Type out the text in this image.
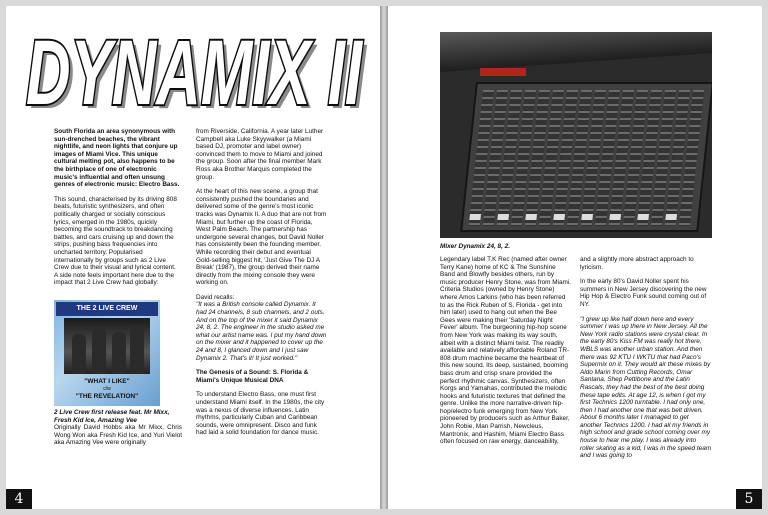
DYNAMIX II
DYNAMIX II

South Florida an area synonymous with sun-drenched beaches, the vibrant nightlife, and neon lights that conjure up images of Miami Vice. This unique cultural melting pot, also happens to be the birthplace of one of electronic music's influential and often unsung genres of electronic music: Electro Bass.

This sound, characterised by its driving 808 beats, futuristic synthesizers, and often politically charged or socially conscious lyrics, emerged in the 1980s, quickly becoming the soundtrack to breakdancing battles, and cars cruising up and down the strips, pushing bass frequencies into uncharted territory. Popularised internationally by groups such as 2 Live Crew due to their visual and lyrical content. A side note feels important here due to the impact that 2 Live Crew had globally:

THE 2 LIVE CREW
"WHAT I LIKE"
c/w
"THE REVELATION"

2 Live Crew first release feat. Mr Mixx, Fresh Kid Ice, Amazing Vee

Originally David Hobbs aka Mr Mixx, Chris Wong Won aka Fresh Kid Ice, and Yuri Vielot aka Amazing Vee were originally

from Riverside, California. A year later Luther Campbell aka Luke Skyywalker (a Miami based DJ, promoter and label owner) convinced them to move to Miami and joined the group. Soon after the final member Mark Ross aka Brother Marquis completed the group.

At the heart of this new scene, a group that consistently pushed the boundaries and delivered some of the genre's most iconic tracks was Dynamix II. A duo that are not from Miami, but further up the coast of Florida, West Palm Beach. The partnership has undergone several changes, but David Noller has consistently been the founding member. While recording their debut and eventual Gold-selling biggest hit, 'Just Give The DJ A Break' (1987), the group derived their name directly from the mixing console they were working on.

David recalls:

"It was a British console called Dynamix. It had 24 channels, 8 sub channels, and 2 outs. And on the top of the mixer it said Dynamix 24, 8, 2. The engineer in the studio asked me what our artist name was. I put my hand down on the mixer and it happened to cover up the 24 and 8, I glanced down and I just saw Dynamix 2. That's it! It just worked."

The Genesis of a Sound: S. Florida & Miami's Unique Musical DNA

To understand Electro Bass, one must first understand Miami itself. In the 1980s, the city was a nexus of diverse influences. Latin rhythms, particularly Cuban and Caribbean sounds, were omnipresent. Disco and funk had laid a solid foundation for dance music.

4
Mixer Dynamix 24, 8, 2.

Legendary label T.K Rec (named after owner Terry Kane) home of KC & The Sunshine Band and Blowfly besides others, run by music producer Henry Stone, was from Miami. Criteria Studios (owned by Henry Stone) where Amos Larkins (who has been referred to as the Rick Ruben of S. Florida - get into him later) used to hang out when the Bee Gees were making their 'Saturday Night Fever' album. The burgeoning hip-hop scene from New York was making its way south, albeit with a distinct Miami twist. The readily available and relatively affordable Roland TR-808 drum machine became the heartbeat of this new sound. Its deep, sustained, booming bass drum and crisp snare provided the perfect rhythmic canvas. Synthesizers, often Korgs and Yamahas, contributed the melodic hooks and futuristic textures that defined the genre. Unlike the more narrative-driven hip-hop/electro funk emerging from New York pioneered by producers such as Arthur Baker, John Robie, Man Parrish, Newcleus, Mantronix, and Hashim, Miami Electro Bass often focused on raw energy, danceability,

and a slightly more abstract approach to lyricism.

In the early 80's David Noller spent his summers in New Jersey discovering the new Hip Hop & Electro Funk sound coming out of NY.

"I grew up like half down here and every summer I was up there in New Jersey. All the New York radio stations were crystal clear. In the early 80's Kiss FM was really hot there, WBLS was another urban station. And then there was 92 KTU I WKTU that had Paco's Supermix on it. They would air these mixes by Aldo Marin from Cutting Records, Omar Santana, Shep Pettibone and the Latin Rascals, they had the best of the best doing these tape edits. At age 12, is when I got my first Technics 1200 turntable. I had only one, then I had another one that was belt driven. About 6 months later I managed to get another Technics 1200. I had all my friends in high school and grade school coming over my house to hear me play. I was already into roller skating as a kid, I was in the speed team and I was going to

5
